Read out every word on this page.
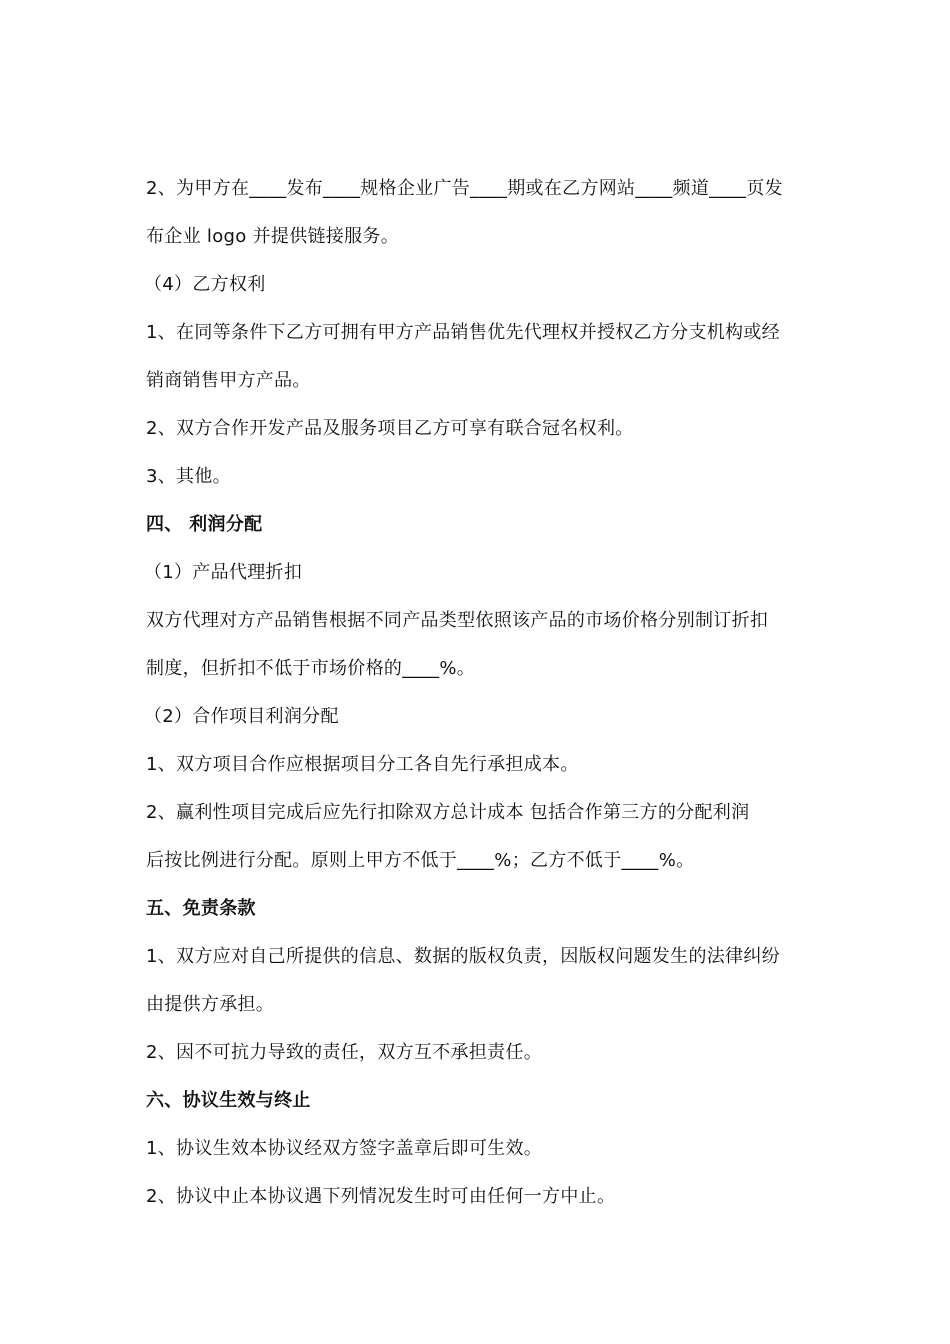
2、为甲方在____发布____规格企业广告____期或在乙方网站____频道____页发
布企业 logo 并提供链接服务。
（4）乙方权利
1、在同等条件下乙方可拥有甲方产品销售优先代理权并授权乙方分支机构或经
销商销售甲方产品。
2、双方合作开发产品及服务项目乙方可享有联合冠名权利。
3、其他。
四、 利润分配
（1）产品代理折扣
双方代理对方产品销售根据不同产品类型依照该产品的市场价格分别制订折扣
制度，但折扣不低于市场价格的____%。
（2）合作项目利润分配
1、双方项目合作应根据项目分工各自先行承担成本。
2、赢利性项目完成后应先行扣除双方总计成本 包括合作第三方的分配利润
后按比例进行分配。原则上甲方不低于____%；乙方不低于____%。
五、免责条款
1、双方应对自己所提供的信息、数据的版权负责，因版权问题发生的法律纠纷
由提供方承担。
2、因不可抗力导致的责任，双方互不承担责任。
六、协议生效与终止
1、协议生效本协议经双方签字盖章后即可生效。
2、协议中止本协议遇下列情况发生时可由任何一方中止。
